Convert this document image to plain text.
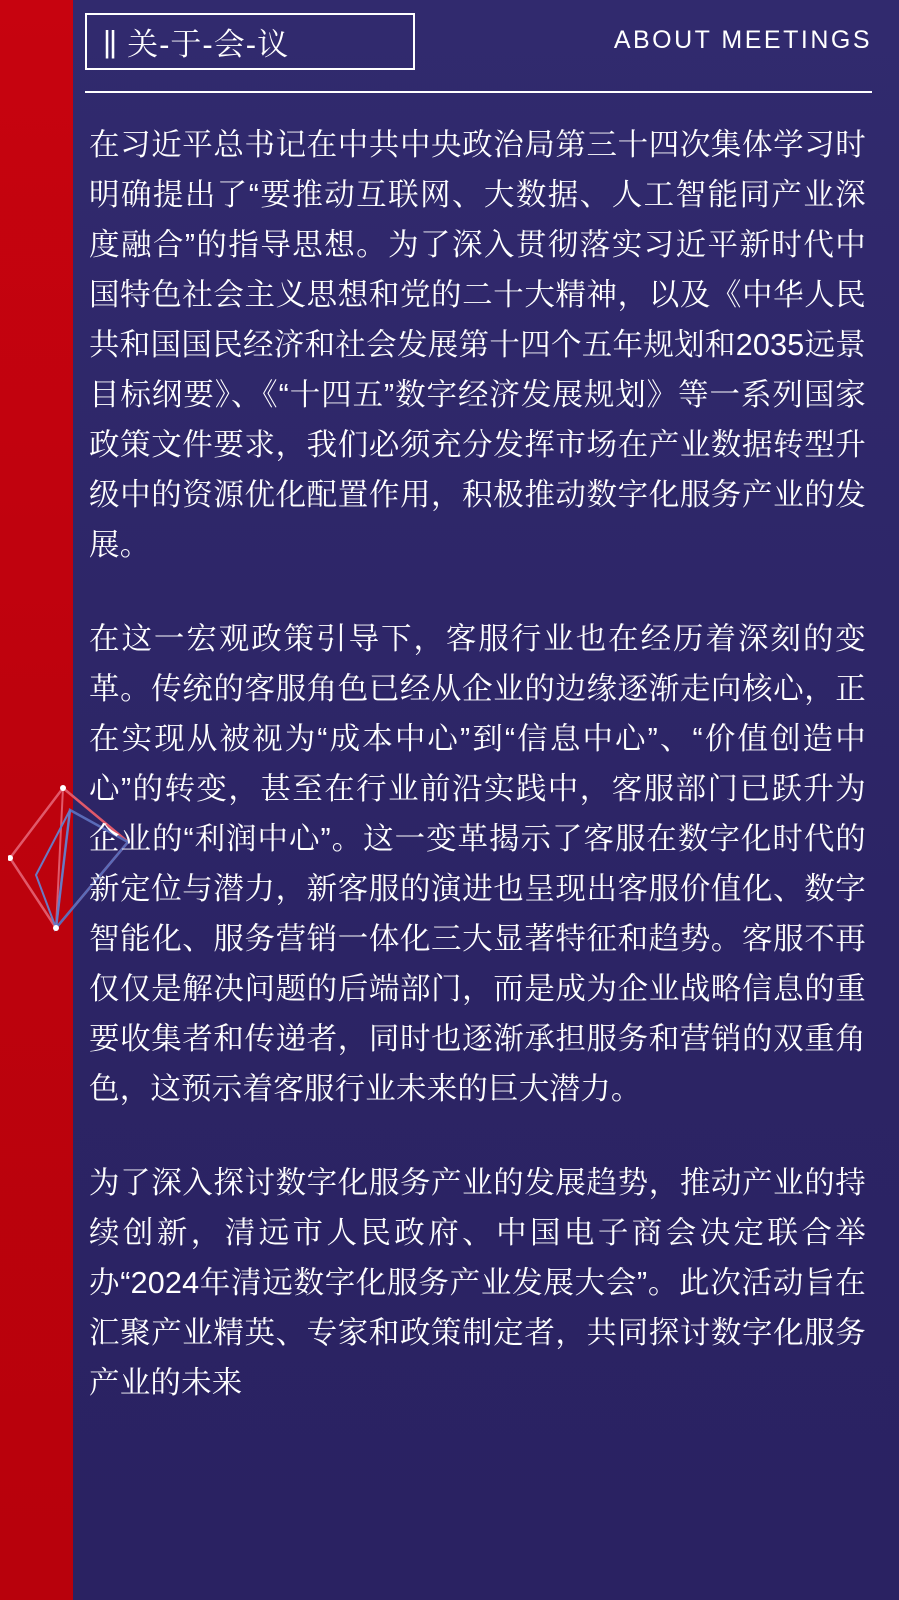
|| 关-于-会-议	ABOUT MEETINGS

在习近平总书记在中共中央政治局第三十四次集体学习时明确提出了“要推动互联网、大数据、人工智能同产业深度融合”的指导思想。为了深入贯彻落实习近平新时代中国特色社会主义思想和党的二十大精神，以及《中华人民共和国国民经济和社会发展第十四个五年规划和2035远景目标纲要》、《“十四五”数字经济发展规划》等一系列国家政策文件要求，我们必须充分发挥市场在产业数据转型升级中的资源优化配置作用，积极推动数字化服务产业的发展。

在这一宏观政策引导下，客服行业也在经历着深刻的变革。传统的客服角色已经从企业的边缘逐渐走向核心，正在实现从被视为“成本中心”到“信息中心”、“价值创造中心”的转变，甚至在行业前沿实践中，客服部门已跃升为企业的“利润中心”。这一变革揭示了客服在数字化时代的新定位与潜力，新客服的演进也呈现出客服价值化、数字智能化、服务营销一体化三大显著特征和趋势。客服不再仅仅是解决问题的后端部门，而是成为企业战略信息的重要收集者和传递者，同时也逐渐承担服务和营销的双重角色，这预示着客服行业未来的巨大潜力。

为了深入探讨数字化服务产业的发展趋势，推动产业的持续创新，清远市人民政府、中国电子商会决定联合举办“2024年清远数字化服务产业发展大会”。此次活动旨在汇聚产业精英、专家和政策制定者，共同探讨数字化服务产业的未来
